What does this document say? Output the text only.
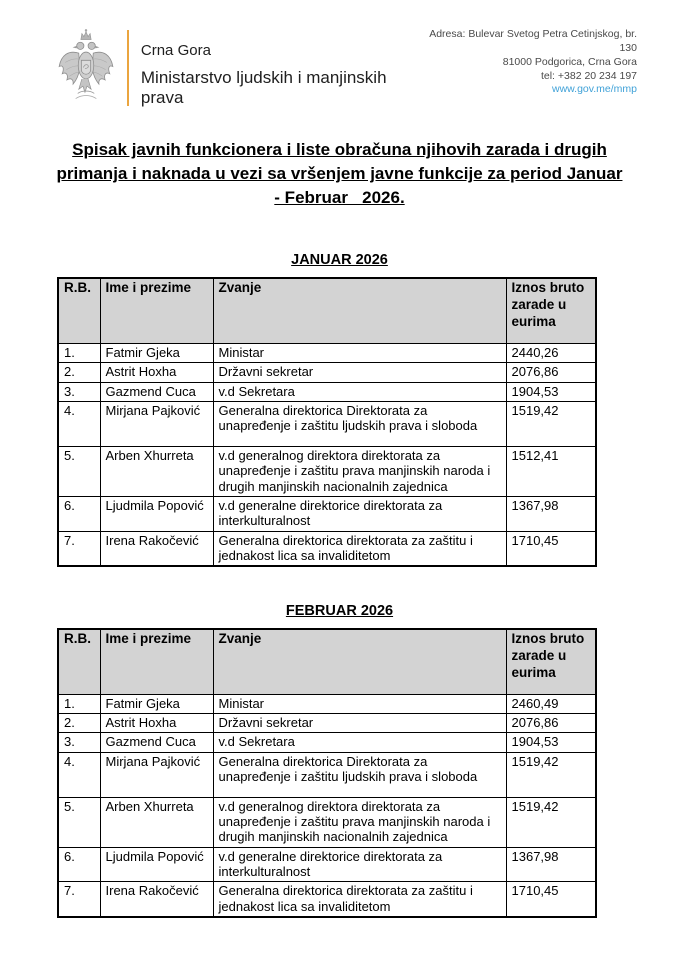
Crna Gora
Ministarstvo ljudskih i manjinskih prava
Adresa: Bulevar Svetog Petra Cetinjskog, br. 130
81000 Podgorica, Crna Gora
tel: +382 20 234 197
www.gov.me/mmp
Spisak javnih funkcionera i liste obračuna njihovih zarada i drugih
primanja i naknada u vezi sa vršenjem javne funkcije za period Januar
- Februar   2026.
JANUAR 2026
R.B.	Ime i prezime	Zvanje	Iznos bruto zarade u eurima
1.	Fatmir Gjeka	Ministar	2440,26
2.	Astrit Hoxha	Državni sekretar	2076,86
3.	Gazmend Cuca	v.d Sekretara	1904,53
4.	Mirjana Pajković	Generalna direktorica Direktorata za unapređenje i zaštitu ljudskih prava i sloboda	1519,42
5.	Arben Xhurreta	v.d generalnog direktora direktorata za unapređenje i zaštitu prava manjinskih naroda i drugih manjinskih nacionalnih zajednica	1512,41
6.	Ljudmila Popović	v.d generalne direktorice direktorata za interkulturalnost	1367,98
7.	Irena Rakočević	Generalna direktorica direktorata za zaštitu i jednakost lica sa invaliditetom	1710,45
FEBRUAR 2026
R.B.	Ime i prezime	Zvanje	Iznos bruto zarade u eurima
1.	Fatmir Gjeka	Ministar	2460,49
2.	Astrit Hoxha	Državni sekretar	2076,86
3.	Gazmend Cuca	v.d Sekretara	1904,53
4.	Mirjana Pajković	Generalna direktorica Direktorata za unapređenje i zaštitu ljudskih prava i sloboda	1519,42
5.	Arben Xhurreta	v.d generalnog direktora direktorata za unapređenje i zaštitu prava manjinskih naroda i drugih manjinskih nacionalnih zajednica	1519,42
6.	Ljudmila Popović	v.d generalne direktorice direktorata za interkulturalnost	1367,98
7.	Irena Rakočević	Generalna direktorica direktorata za zaštitu i jednakost lica sa invaliditetom	1710,45
